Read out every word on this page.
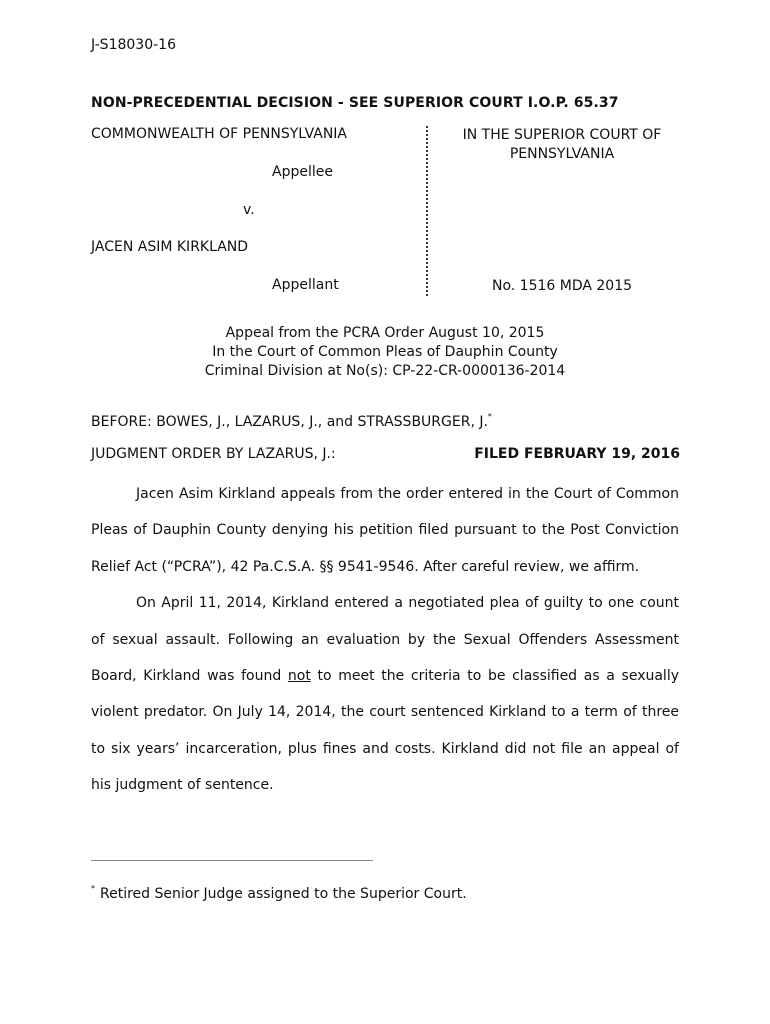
J-S18030-16
NON-PRECEDENTIAL DECISION - SEE SUPERIOR COURT I.O.P. 65.37
COMMONWEALTH OF PENNSYLVANIA
Appellee
v.
JACEN ASIM KIRKLAND
Appellant
IN THE SUPERIOR COURT OF PENNSYLVANIA
No. 1516 MDA 2015
Appeal from the PCRA Order August 10, 2015
In the Court of Common Pleas of Dauphin County
Criminal Division at No(s): CP-22-CR-0000136-2014
BEFORE: BOWES, J., LAZARUS, J., and STRASSBURGER, J.*
JUDGMENT ORDER BY LAZARUS, J.:	FILED FEBRUARY 19, 2016

Jacen Asim Kirkland appeals from the order entered in the Court of Common Pleas of Dauphin County denying his petition filed pursuant to the Post Conviction Relief Act (“PCRA”), 42 Pa.C.S.A. §§ 9541-9546. After careful review, we affirm.

On April 11, 2014, Kirkland entered a negotiated plea of guilty to one count of sexual assault. Following an evaluation by the Sexual Offenders Assessment Board, Kirkland was found not to meet the criteria to be classified as a sexually violent predator. On July 14, 2014, the court sentenced Kirkland to a term of three to six years’ incarceration, plus fines and costs. Kirkland did not file an appeal of his judgment of sentence.

* Retired Senior Judge assigned to the Superior Court.
